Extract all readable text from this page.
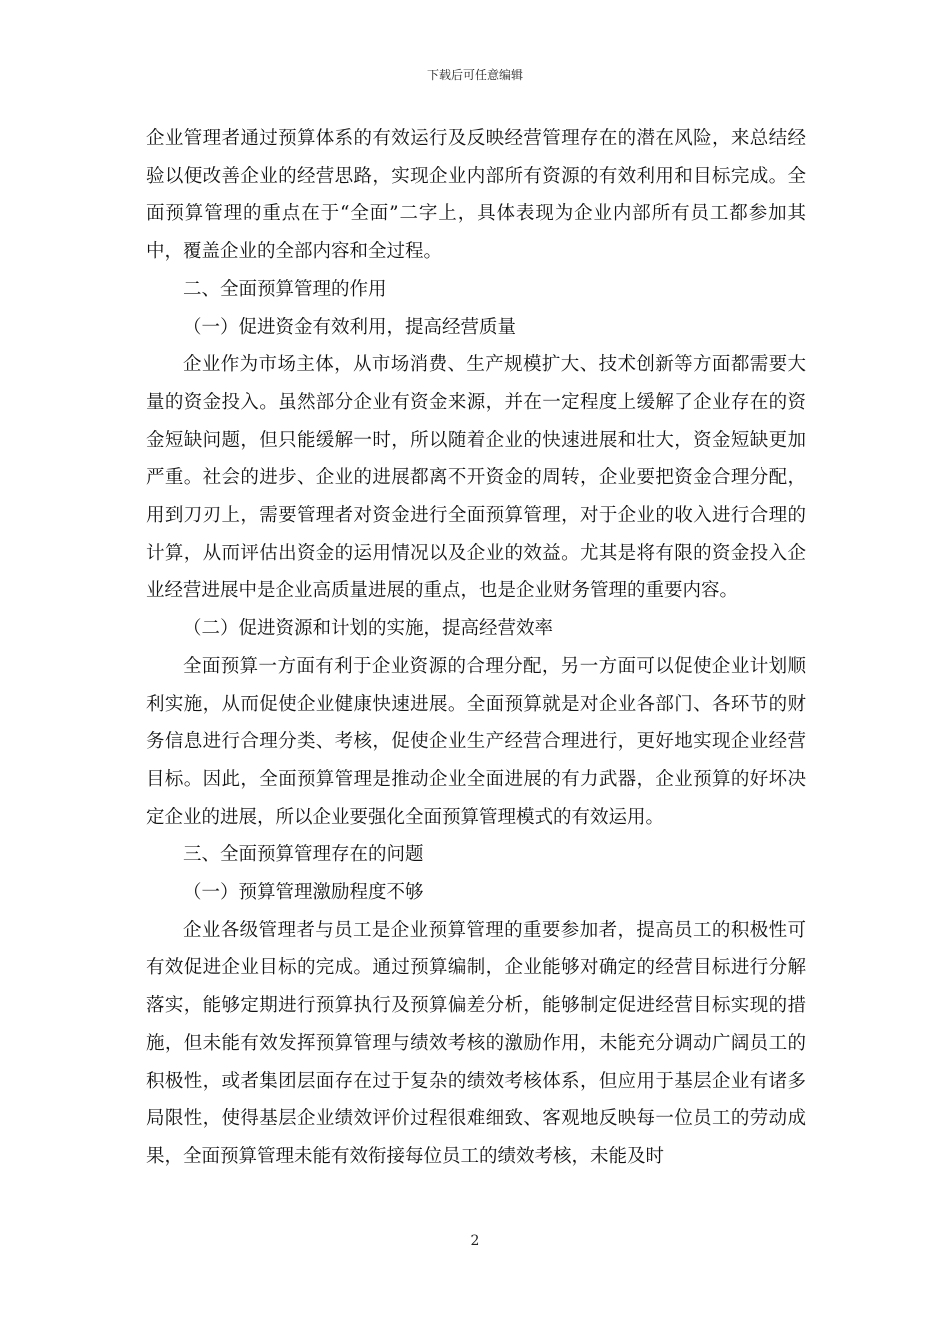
下载后可任意编辑

企业管理者通过预算体系的有效运行及反映经营管理存在的潜在风险，来总结经验以便改善企业的经营思路，实现企业内部所有资源的有效利用和目标完成。全面预算管理的重点在于“全面”二字上，具体表现为企业内部所有员工都参加其中，覆盖企业的全部内容和全过程。

二、全面预算管理的作用

（一）促进资金有效利用，提高经营质量

企业作为市场主体，从市场消费、生产规模扩大、技术创新等方面都需要大量的资金投入。虽然部分企业有资金来源，并在一定程度上缓解了企业存在的资金短缺问题，但只能缓解一时，所以随着企业的快速进展和壮大，资金短缺更加严重。社会的进步、企业的进展都离不开资金的周转，企业要把资金合理分配，用到刀刃上，需要管理者对资金进行全面预算管理，对于企业的收入进行合理的计算，从而评估出资金的运用情况以及企业的效益。尤其是将有限的资金投入企业经营进展中是企业高质量进展的重点，也是企业财务管理的重要内容。

（二）促进资源和计划的实施，提高经营效率

全面预算一方面有利于企业资源的合理分配，另一方面可以促使企业计划顺利实施，从而促使企业健康快速进展。全面预算就是对企业各部门、各环节的财务信息进行合理分类、考核，促使企业生产经营合理进行，更好地实现企业经营目标。因此，全面预算管理是推动企业全面进展的有力武器，企业预算的好坏决定企业的进展，所以企业要强化全面预算管理模式的有效运用。

三、全面预算管理存在的问题

（一）预算管理激励程度不够

企业各级管理者与员工是企业预算管理的重要参加者，提高员工的积极性可有效促进企业目标的完成。通过预算编制，企业能够对确定的经营目标进行分解落实，能够定期进行预算执行及预算偏差分析，能够制定促进经营目标实现的措施，但未能有效发挥预算管理与绩效考核的激励作用，未能充分调动广阔员工的积极性，或者集团层面存在过于复杂的绩效考核体系，但应用于基层企业有诸多局限性，使得基层企业绩效评价过程很难细致、客观地反映每一位员工的劳动成果，全面预算管理未能有效衔接每位员工的绩效考核，未能及时

2
